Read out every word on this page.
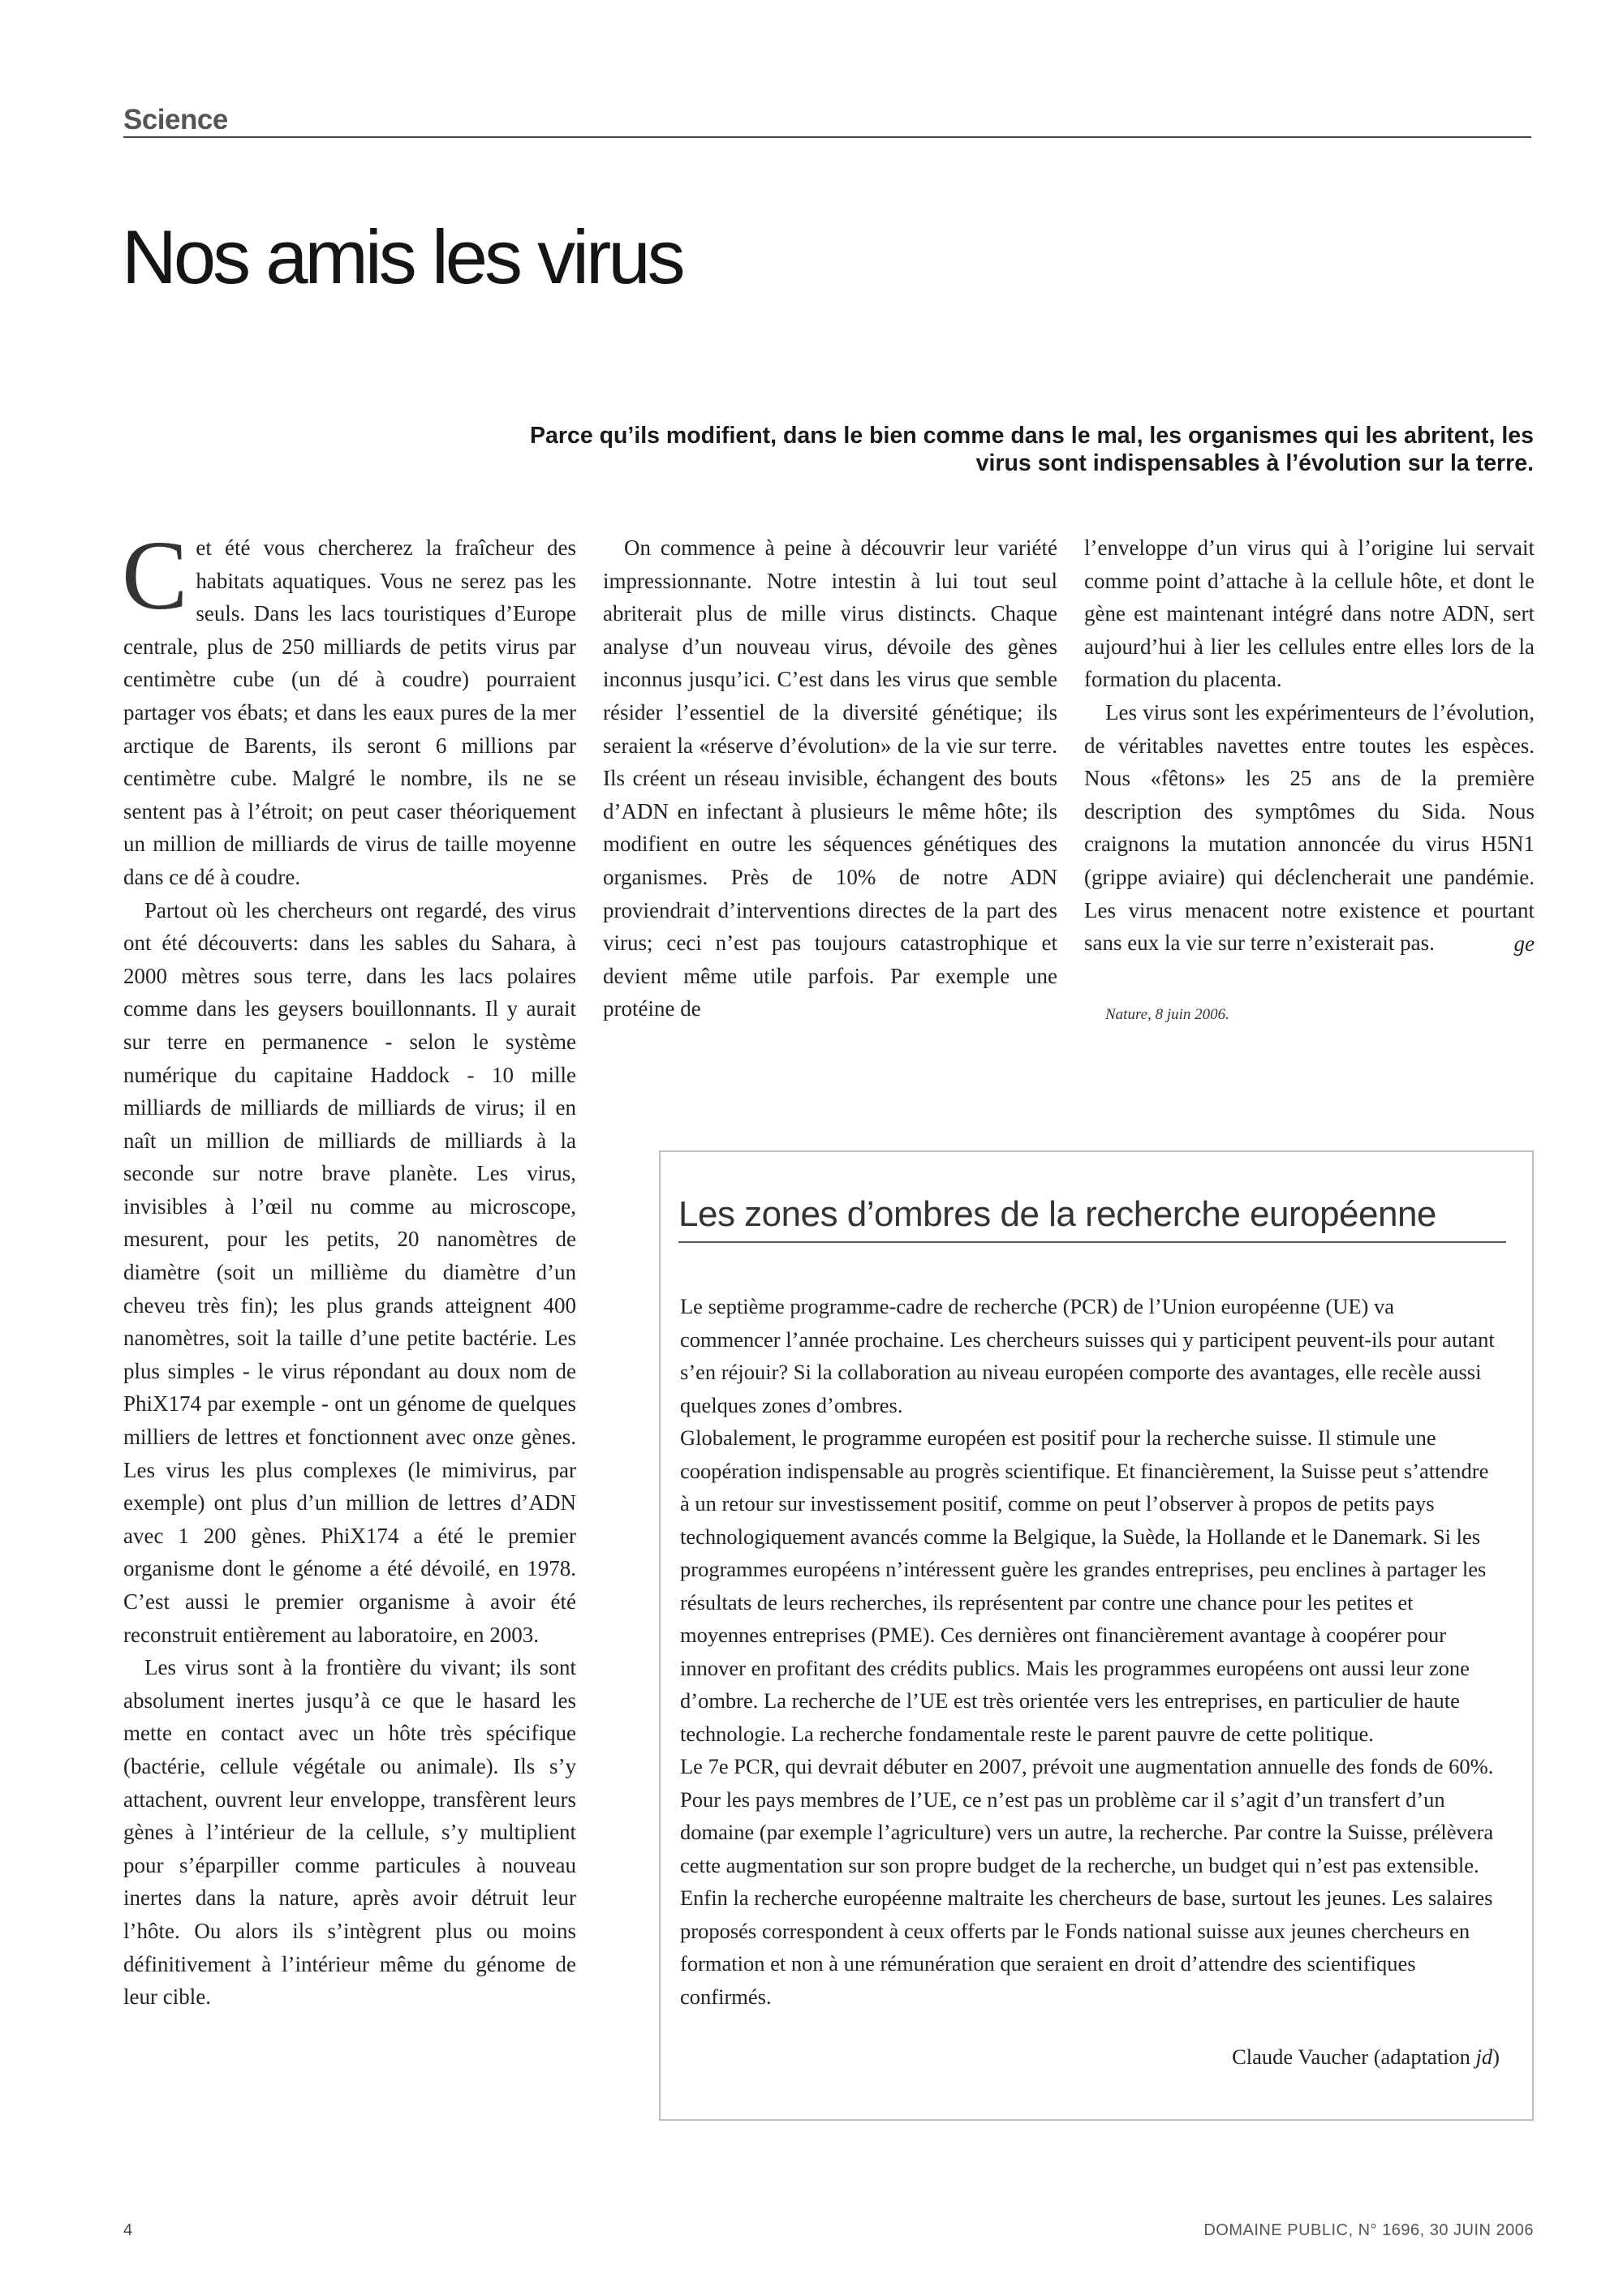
Science
Nos amis les virus
Parce qu’ils modifient, dans le bien comme dans le mal, les organismes qui les abritent, les virus sont indispensables à l’évolution sur la terre.

Cet été vous chercherez la fraîcheur des habitats aquatiques. Vous ne serez pas les seuls. Dans les lacs touristiques d’Europe centrale, plus de 250 milliards de petits virus par centimètre cube (un dé à coudre) pourraient partager vos ébats; et dans les eaux pures de la mer arctique de Barents, ils seront 6 millions par centimètre cube. Malgré le nombre, ils ne se sentent pas à l’étroit; on peut caser théoriquement un million de milliards de virus de taille moyenne dans ce dé à coudre.

Partout où les chercheurs ont regardé, des virus ont été découverts: dans les sables du Sahara, à 2000 mètres sous terre, dans les lacs polaires comme dans les geysers bouillonnants. Il y aurait sur terre en permanence - selon le système numérique du capitaine Haddock - 10 mille milliards de milliards de milliards de virus; il en naît un million de milliards de milliards à la seconde sur notre brave planète. Les virus, invisibles à l’œil nu comme au microscope, mesurent, pour les petits, 20 nanomètres de diamètre (soit un millième du diamètre d’un cheveu très fin); les plus grands atteignent 400 nanomètres, soit la taille d’une petite bactérie. Les plus simples - le virus répondant au doux nom de PhiX174 par exemple - ont un génome de quelques milliers de lettres et fonctionnent avec onze gènes. Les virus les plus complexes (le mimivirus, par exemple) ont plus d’un million de lettres d’ADN avec 1 200 gènes. PhiX174 a été le premier organisme dont le génome a été dévoilé, en 1978. C’est aussi le premier organisme à avoir été reconstruit entièrement au laboratoire, en 2003.

Les virus sont à la frontière du vivant; ils sont absolument inertes jusqu’à ce que le hasard les mette en contact avec un hôte très spécifique (bactérie, cellule végétale ou animale). Ils s’y attachent, ouvrent leur enveloppe, transfèrent leurs gènes à l’intérieur de la cellule, s’y multiplient pour s’éparpiller comme particules à nouveau inertes dans la nature, après avoir détruit leur l’hôte. Ou alors ils s’intègrent plus ou moins définitivement à l’intérieur même du génome de leur cible.

On commence à peine à découvrir leur variété impressionnante. Notre intestin à lui tout seul abriterait plus de mille virus distincts. Chaque analyse d’un nouveau virus, dévoile des gènes inconnus jusqu’ici. C’est dans les virus que semble résider l’essentiel de la diversité génétique; ils seraient la «réserve d’évolution» de la vie sur terre. Ils créent un réseau invisible, échangent des bouts d’ADN en infectant à plusieurs le même hôte; ils modifient en outre les séquences génétiques des organismes. Près de 10% de notre ADN proviendrait d’interventions directes de la part des virus; ceci n’est pas toujours catastrophique et devient même utile parfois. Par exemple une protéine de

l’enveloppe d’un virus qui à l’origine lui servait comme point d’attache à la cellule hôte, et dont le gène est maintenant intégré dans notre ADN, sert aujourd’hui à lier les cellules entre elles lors de la formation du placenta.

Les virus sont les expérimenteurs de l’évolution, de véritables navettes entre toutes les espèces. Nous «fêtons» les 25 ans de la première description des symptômes du Sida. Nous craignons la mutation annoncée du virus H5N1 (grippe aviaire) qui déclencherait une pandémie. Les virus menacent notre existence et pourtant sans eux la vie sur terre n’existerait pas.	ge

Nature, 8 juin 2006.

Les zones d’ombres de la recherche européenne

Le septième programme-cadre de recherche (PCR) de l’Union européenne (UE) va commencer l’année prochaine. Les chercheurs suisses qui y participent peuvent-ils pour autant s’en réjouir? Si la collaboration au niveau européen comporte des avantages, elle recèle aussi quelques zones d’ombres.

Globalement, le programme européen est positif pour la recherche suisse. Il stimule une coopération indispensable au progrès scientifique. Et financièrement, la Suisse peut s’attendre à un retour sur investissement positif, comme on peut l’observer à propos de petits pays technologiquement avancés comme la Belgique, la Suède, la Hollande et le Danemark. Si les programmes européens n’intéressent guère les grandes entreprises, peu enclines à partager les résultats de leurs recherches, ils représentent par contre une chance pour les petites et moyennes entreprises (PME). Ces dernières ont financièrement avantage à coopérer pour innover en profitant des crédits publics. Mais les programmes européens ont aussi leur zone d’ombre. La recherche de l’UE est très orientée vers les entreprises, en particulier de haute technologie. La recherche fondamentale reste le parent pauvre de cette politique.

Le 7e PCR, qui devrait débuter en 2007, prévoit une augmentation annuelle des fonds de 60%. Pour les pays membres de l’UE, ce n’est pas un problème car il s’agit d’un transfert d’un domaine (par exemple l’agriculture) vers un autre, la recherche. Par contre la Suisse, prélèvera cette augmentation sur son propre budget de la recherche, un budget qui n’est pas extensible. Enfin la recherche européenne maltraite les chercheurs de base, surtout les jeunes. Les salaires proposés correspondent à ceux offerts par le Fonds national suisse aux jeunes chercheurs en formation et non à une rémunération que seraient en droit d’attendre des scientifiques confirmés.

Claude Vaucher (adaptation jd)

4	DOMAINE PUBLIC, N° 1696, 30 JUIN 2006
